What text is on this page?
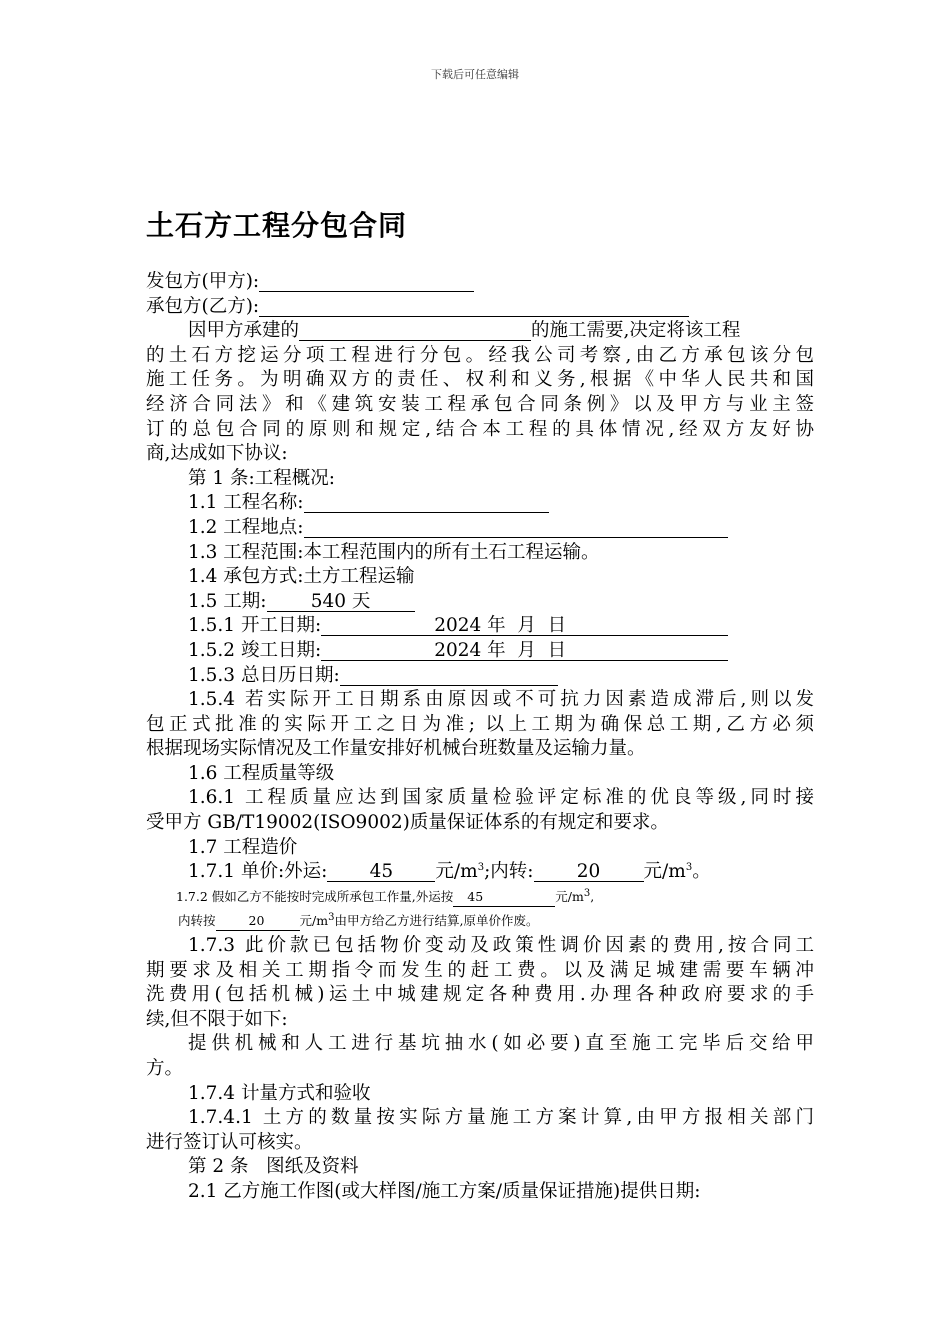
下载后可任意编辑
土石方工程分包合同
发包方(甲方):
承包方(乙方):
因甲方承建的	的施工需要,决定将该工程
的土石方挖运分项工程进行分包。经我公司考察,由乙方承包该分包
施工任务。为明确双方的责任、权利和义务,根据《中华人民共和国
经济合同法》和《建筑安装工程承包合同条例》以及甲方与业主签
订的总包合同的原则和规定,结合本工程的具体情况,经双方友好协
商,达成如下协议:
第 1 条:工程概况:
1.1 工程名称:
1.2 工程地点:
1.3 工程范围:本工程范围内的所有土石工程运输。
1.4 承包方式:土方工程运输
1.5 工期: 540 天
1.5.1 开工日期:	2024 年  月  日
1.5.2 竣工日期:	2024 年  月  日
1.5.3 总日历日期:
1.5.4 若实际开工日期系由原因或不可抗力因素造成滞后,则以发
包正式批准的实际开工之日为准; 以上工期为确保总工期,乙方必须
根据现场实际情况及工作量安排好机械台班数量及运输力量。
1.6 工程质量等级
1.6.1 工程质量应达到国家质量检验评定标准的优良等级,同时接
受甲方 GB/T19002(ISO9002)质量保证体系的有规定和要求。
1.7 工程造价
1.7.1 单价:外运: 45 元$/m^3$;内转: 20 元$/m^3$。
1.7.2 假如乙方不能按时完成所承包工作量,外运按 45	元$/m^3$,
内转按	20	元$/m^3$由甲方给乙方进行结算,原单价作废。
1.7.3 此价款已包括物价变动及政策性调价因素的费用,按合同工
期要求及相关工期指令而发生的赶工费。以及满足城建需要车辆冲
洗费用(包括机械)运土中城建规定各种费用.办理各种政府要求的手
续,但不限于如下:
提供机械和人工进行基坑抽水(如必要)直至施工完毕后交给甲
方。
1.7.4 计量方式和验收
1.7.4.1 土方的数量按实际方量施工方案计算,由甲方报相关部门
进行签订认可核实。
第 2 条   图纸及资料
2.1 乙方施工作图(或大样图/施工方案/质量保证措施)提供日期:
